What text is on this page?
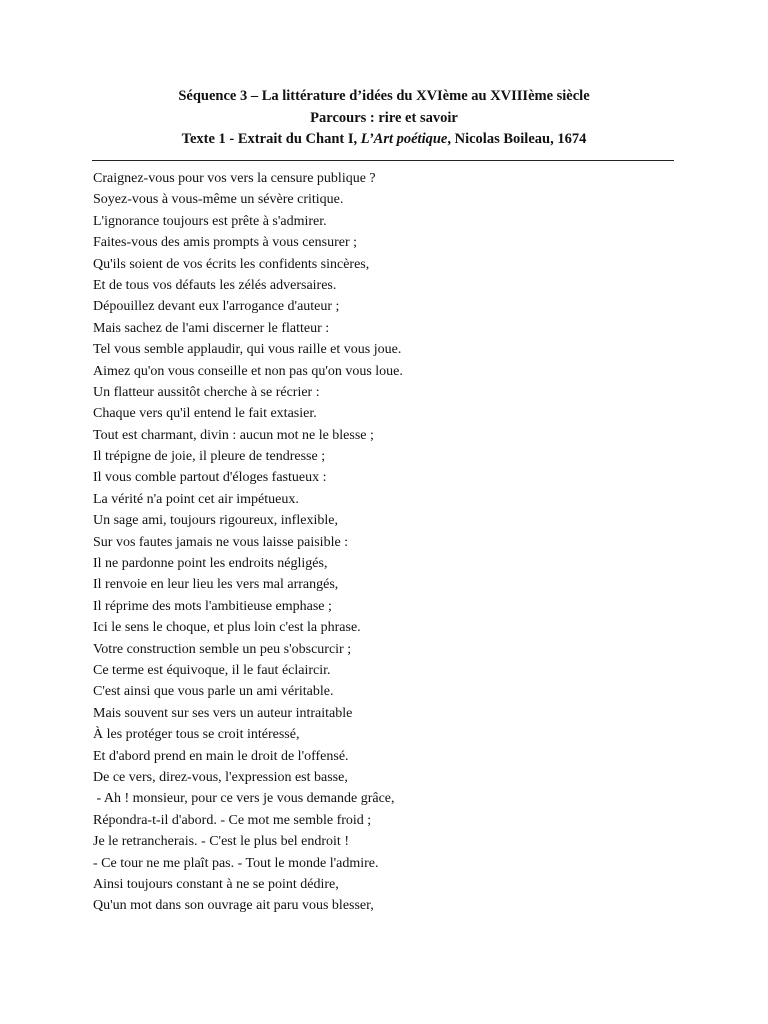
Séquence 3 – La littérature d’idées du XVIème au XVIIIème siècle
Parcours : rire et savoir
Texte 1 - Extrait du Chant I, L’Art poétique, Nicolas Boileau, 1674
Craignez-vous pour vos vers la censure publique ?
Soyez-vous à vous-même un sévère critique.
L'ignorance toujours est prête à s'admirer.
Faites-vous des amis prompts à vous censurer ;
Qu'ils soient de vos écrits les confidents sincères,
Et de tous vos défauts les zélés adversaires.
Dépouillez devant eux l'arrogance d'auteur ;
Mais sachez de l'ami discerner le flatteur :
Tel vous semble applaudir, qui vous raille et vous joue.
Aimez qu'on vous conseille et non pas qu'on vous loue.
Un flatteur aussitôt cherche à se récrier :
Chaque vers qu'il entend le fait extasier.
Tout est charmant, divin : aucun mot ne le blesse ;
Il trépigne de joie, il pleure de tendresse ;
Il vous comble partout d'éloges fastueux :
La vérité n'a point cet air impétueux.
Un sage ami, toujours rigoureux, inflexible,
Sur vos fautes jamais ne vous laisse paisible :
Il ne pardonne point les endroits négligés,
Il renvoie en leur lieu les vers mal arrangés,
Il réprime des mots l'ambitieuse emphase ;
Ici le sens le choque, et plus loin c'est la phrase.
Votre construction semble un peu s'obscurcir ;
Ce terme est équivoque, il le faut éclaircir.
C'est ainsi que vous parle un ami véritable.
Mais souvent sur ses vers un auteur intraitable
À les protéger tous se croit intéressé,
Et d'abord prend en main le droit de l'offensé.
De ce vers, direz-vous, l'expression est basse,
- Ah ! monsieur, pour ce vers je vous demande grâce,
Répondra-t-il d'abord. - Ce mot me semble froid ;
Je le retrancherais. - C'est le plus bel endroit !
- Ce tour ne me plaît pas. - Tout le monde l'admire.
Ainsi toujours constant à ne se point dédire,
Qu'un mot dans son ouvrage ait paru vous blesser,
